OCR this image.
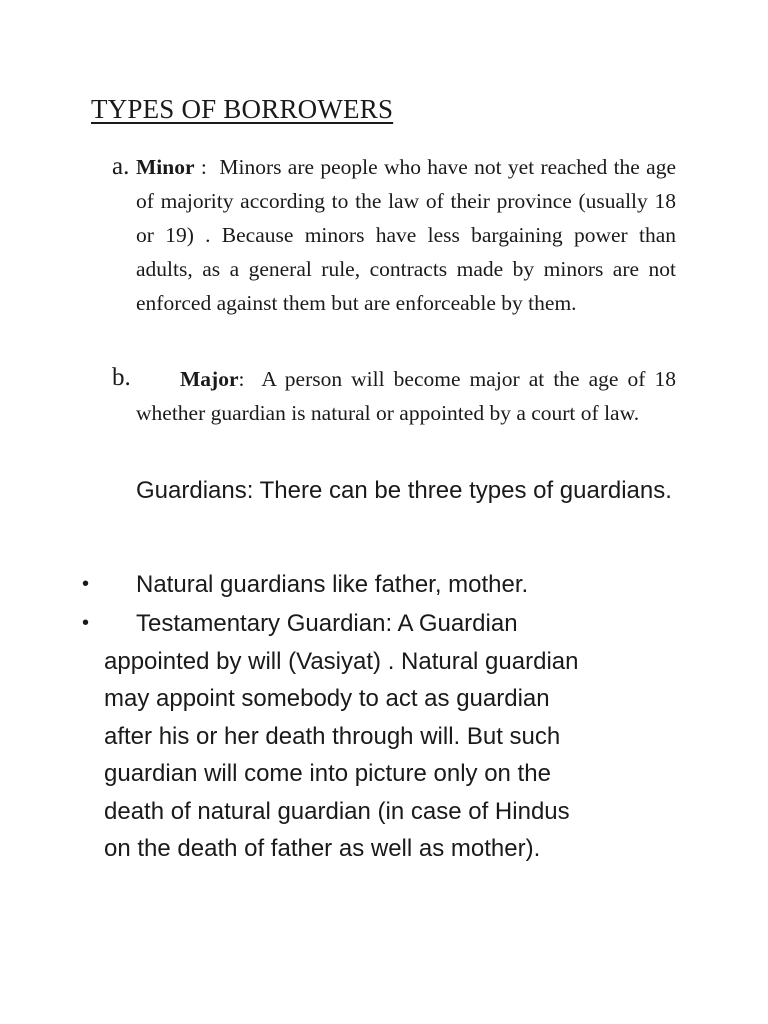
TYPES OF BORROWERS
a. Minor :  Minors are people who have not yet reached the age of majority according to the law of their province (usually 18 or 19) . Because minors have less bargaining power than adults, as a general rule, contracts made by minors are not enforced against them but are enforceable by them.
b.	Major:  A person will become major at the age of 18 whether guardian is natural or appointed by a court of law.
Guardians: There can be three types of guardians.
• Natural guardians like father, mother.
•	Testamentary Guardian: A Guardian
appointed by will (Vasiyat) . Natural guardian
may appoint somebody to act as guardian
after his or her death through will. But such
guardian will come into picture only on the
death of natural guardian (in case of Hindus
on the death of father as well as mother).
